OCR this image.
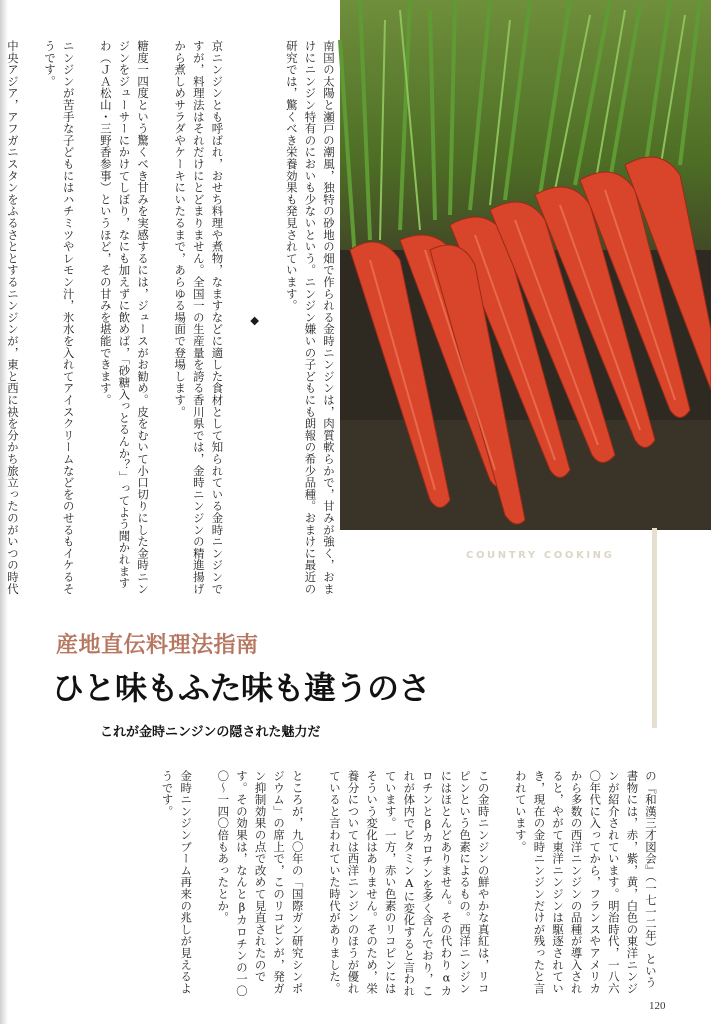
南国の太陽と瀬戸の潮風，独特の砂地の畑で作られる金時ニンジンは，肉質軟らかで，甘みが強く，おまけにニンジン特有のにおいも少ないという。ニンジン嫌いの子どもにも朗報の希少品種。おまけに最近の研究では，驚くべき栄養効果も発見されています。

◆

京ニンジンとも呼ばれ，おせち料理や煮物，なますなどに適した食材として知られている金時ニンジンですが，料理法はそれだけにとどまりません。全国一の生産量を誇る香川県では，金時ニンジンの精進揚げから煮しめサラダやケーキにいたるまで，あらゆる場面で登場します。

糖度一四度という驚くべき甘みを実感するには，ジュースがお勧め。皮をむいて小口切りにした金時ニンジンをジューサーにかけてしぼり，なにも加えずに飲めば，「砂糖入っとるんか？」ってよう聞かれますわ（ＪＡ松山・三野香参事）というほど，その甘みを堪能できます。

ニンジンが苦手な子どもにはハチミツやレモン汁，氷水を入れてアイスクリームなどをのせるもイケるそうです。

中央アジア，アフガニスタンをふるさととするニンジンが，東と西に袂を分かち旅立ったのがいつの時代

COUNTRY COOKING
産地直伝料理法指南
ひと味もふた味も違うのさ
これが金時ニンジンの隠された魅力だ

の『和漢三才図会』（一七一二年）という書物には，赤，紫，黄，白色の東洋ニンジンが紹介されています。明治時代，一八六〇年代に入ってから，フランスやアメリカから多数の西洋ニンジンの品種が導入されると，やがて東洋ニンジンは駆逐されていき，現在の金時ニンジンだけが残ったと言われています。

この金時ニンジンの鮮やかな真紅は，リコピンという色素によるもの。西洋ニンジンにはほとんどありません。その代わりαカロチンとβカロチンを多く含んでおり，これが体内でビタミンAに変化すると言われています。一方，赤い色素のリコピンにはそういう変化はありません。そのため，栄養分については西洋ニンジンのほうが優れていると言われていた時代がありました。

ところが，九〇年の「国際ガン研究シンポジウム」の席上で，このリコピンが，発ガン抑制効果の点で改めて見直されたのです。その効果は，なんとβカロチンの一〇〇〜一四〇倍もあったとか。

金時ニンジンブーム再来の兆しが見えるようです。

120
